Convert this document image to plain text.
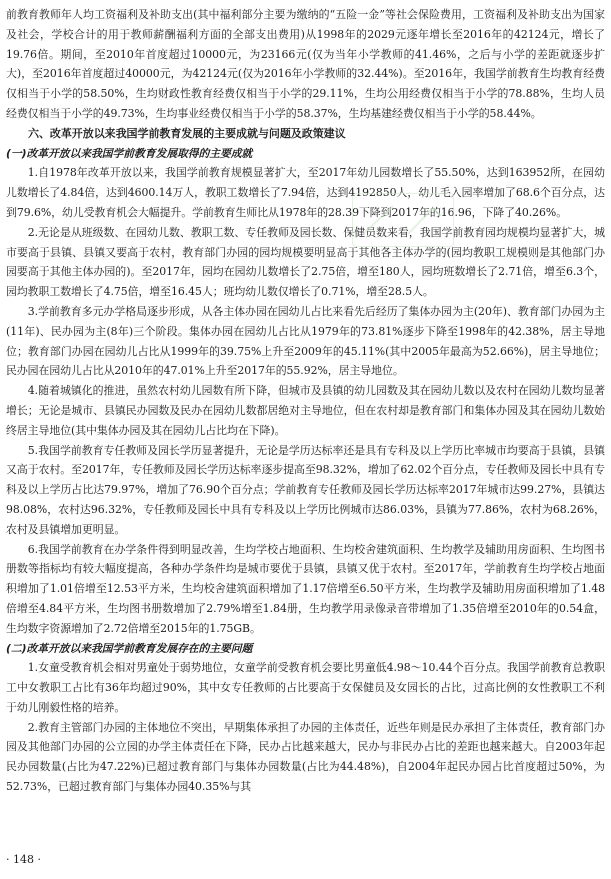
前教育教师年人均工资福利及补助支出(其中福利部分主要为缴纳的“五险一金”等社会保险费用，工资福利及补助支出为国家及社会，学校合计的用于教师薪酬福利方面的全部支出费用)从1998年的2029元逐年增长至2016年的42124元，增长了19.76倍。期间，至2010年首度超过10000元，为23166元(仅为当年小学教师的41.46%，之后与小学的差距就逐步扩大)，至2016年首度超过40000元，为42124元(仅为2016年小学教师的32.44%)。至2016年，我国学前教育生均教育经费仅相当于小学的58.50%，生均财政性教育经费仅相当于小学的29.11%，生均公用经费仅相当于小学的78.88%，生均人员经费仅相当于小学的49.73%，生均事业经费仅相当于小学的58.37%，生均基建经费仅相当于小学的58.44%。

六、改革开放以来我国学前教育发展的主要成就与问题及政策建议

(一)改革开放以来我国学前教育发展取得的主要成就

1.自1978年改革开放以来，我国学前教育规模显著扩大，至2017年幼儿园数增长了55.50%，达到163952所，在园幼儿数增长了4.84倍，达到4600.14万人，教职工数增长了7.94倍，达到4192850人，幼儿毛入园率增加了68.6个百分点，达到79.6%，幼儿受教育机会大幅提升。学前教育生师比从1978年的28.39下降到2017年的16.96，下降了40.26%。

2.无论是从班级数、在园幼儿数、教职工数、专任教师及园长数、保健员数来看，我国学前教育园均规模均显著扩大，城市要高于县镇、县镇又要高于农村，教育部门办园的园均规模要明显高于其他各主体办学的(园均教职工规模则是其他部门办园要高于其他主体办园的)。至2017年，园均在园幼儿数增长了2.75倍，增至180人，园均班数增长了2.71倍，增至6.3个，园均教职工数增长了4.75倍，增至16.45人；班均幼儿数仅增长了0.71%，增至28.5人。

3.学前教育多元办学格局逐步形成，从各主体办园在园幼儿占比来看先后经历了集体办园为主(20年)、教育部门办园为主(11年)、民办园为主(8年)三个阶段。集体办园在园幼儿占比从1979年的73.81%逐步下降至1998年的42.38%，居主导地位；教育部门办园在园幼儿占比从1999年的39.75%上升至2009年的45.11%(其中2005年最高为52.66%)，居主导地位；民办园在园幼儿占比从2010年的47.01%上升至2017年的55.92%，居主导地位。

4.随着城镇化的推进，虽然农村幼儿园数有所下降，但城市及县镇的幼儿园数及其在园幼儿数以及农村在园幼儿数均显著增长；无论是城市、县镇民办园数及民办在园幼儿数都居绝对主导地位，但在农村却是教育部门和集体办园及其在园幼儿数始终居主导地位(其中集体办园及其在园幼儿占比均在下降)。

5.我国学前教育专任教师及园长学历显著提升，无论是学历达标率还是具有专科及以上学历比率城市均要高于县镇，县镇又高于农村。至2017年，专任教师及园长学历达标率逐步提高至98.32%，增加了62.02个百分点，专任教师及园长中具有专科及以上学历占比达79.97%，增加了76.90个百分点；学前教育专任教师及园长学历达标率2017年城市达99.27%，县镇达98.08%，农村达96.32%，专任教师及园长中具有专科及以上学历比例城市达86.03%，县镇为77.86%，农村为68.26%，农村及县镇增加更明显。

6.我国学前教育在办学条件得到明显改善，生均学校占地面积、生均校舍建筑面积、生均教学及辅助用房面积、生均图书册数等指标均有较大幅度提高，各种办学条件均是城市要优于县镇，县镇又优于农村。至2017年，学前教育生均学校占地面积增加了1.01倍增至12.53平方米，生均校舍建筑面积增加了1.17倍增至6.50平方米，生均教学及辅助用房面积增加了1.48倍增至4.84平方米，生均图书册数增加了2.79%增至1.84册，生均教学用录像录音带增加了1.35倍增至2010年的0.54盒，生均数字资源增加了2.72倍增至2015年的1.75GB。

(二)改革开放以来我国学前教育发展存在的主要问题

1.女童受教育机会相对男童处于弱势地位，女童学前受教育机会要比男童低4.98～10.44个百分点。我国学前教育总教职工中女教职工占比有36年均超过90%，其中女专任教师的占比要高于女保健员及女园长的占比，过高比例的女性教职工不利于幼儿刚毅性格的培养。

2.教育主管部门办园的主体地位不突出，早期集体承担了办园的主体责任，近些年则是民办承担了主体责任，教育部门办园及其他部门办园的公立园的办学主体责任在下降，民办占比越来越大，民办与非民办占比的差距也越来越大。自2003年起民办园数量(占比为47.22%)已超过教育部门与集体办园数量(占比为44.48%)，自2004年起民办园占比首度超过50%，为52.73%，已超过教育部门与集体办园40.35%与其

· 148 ·
